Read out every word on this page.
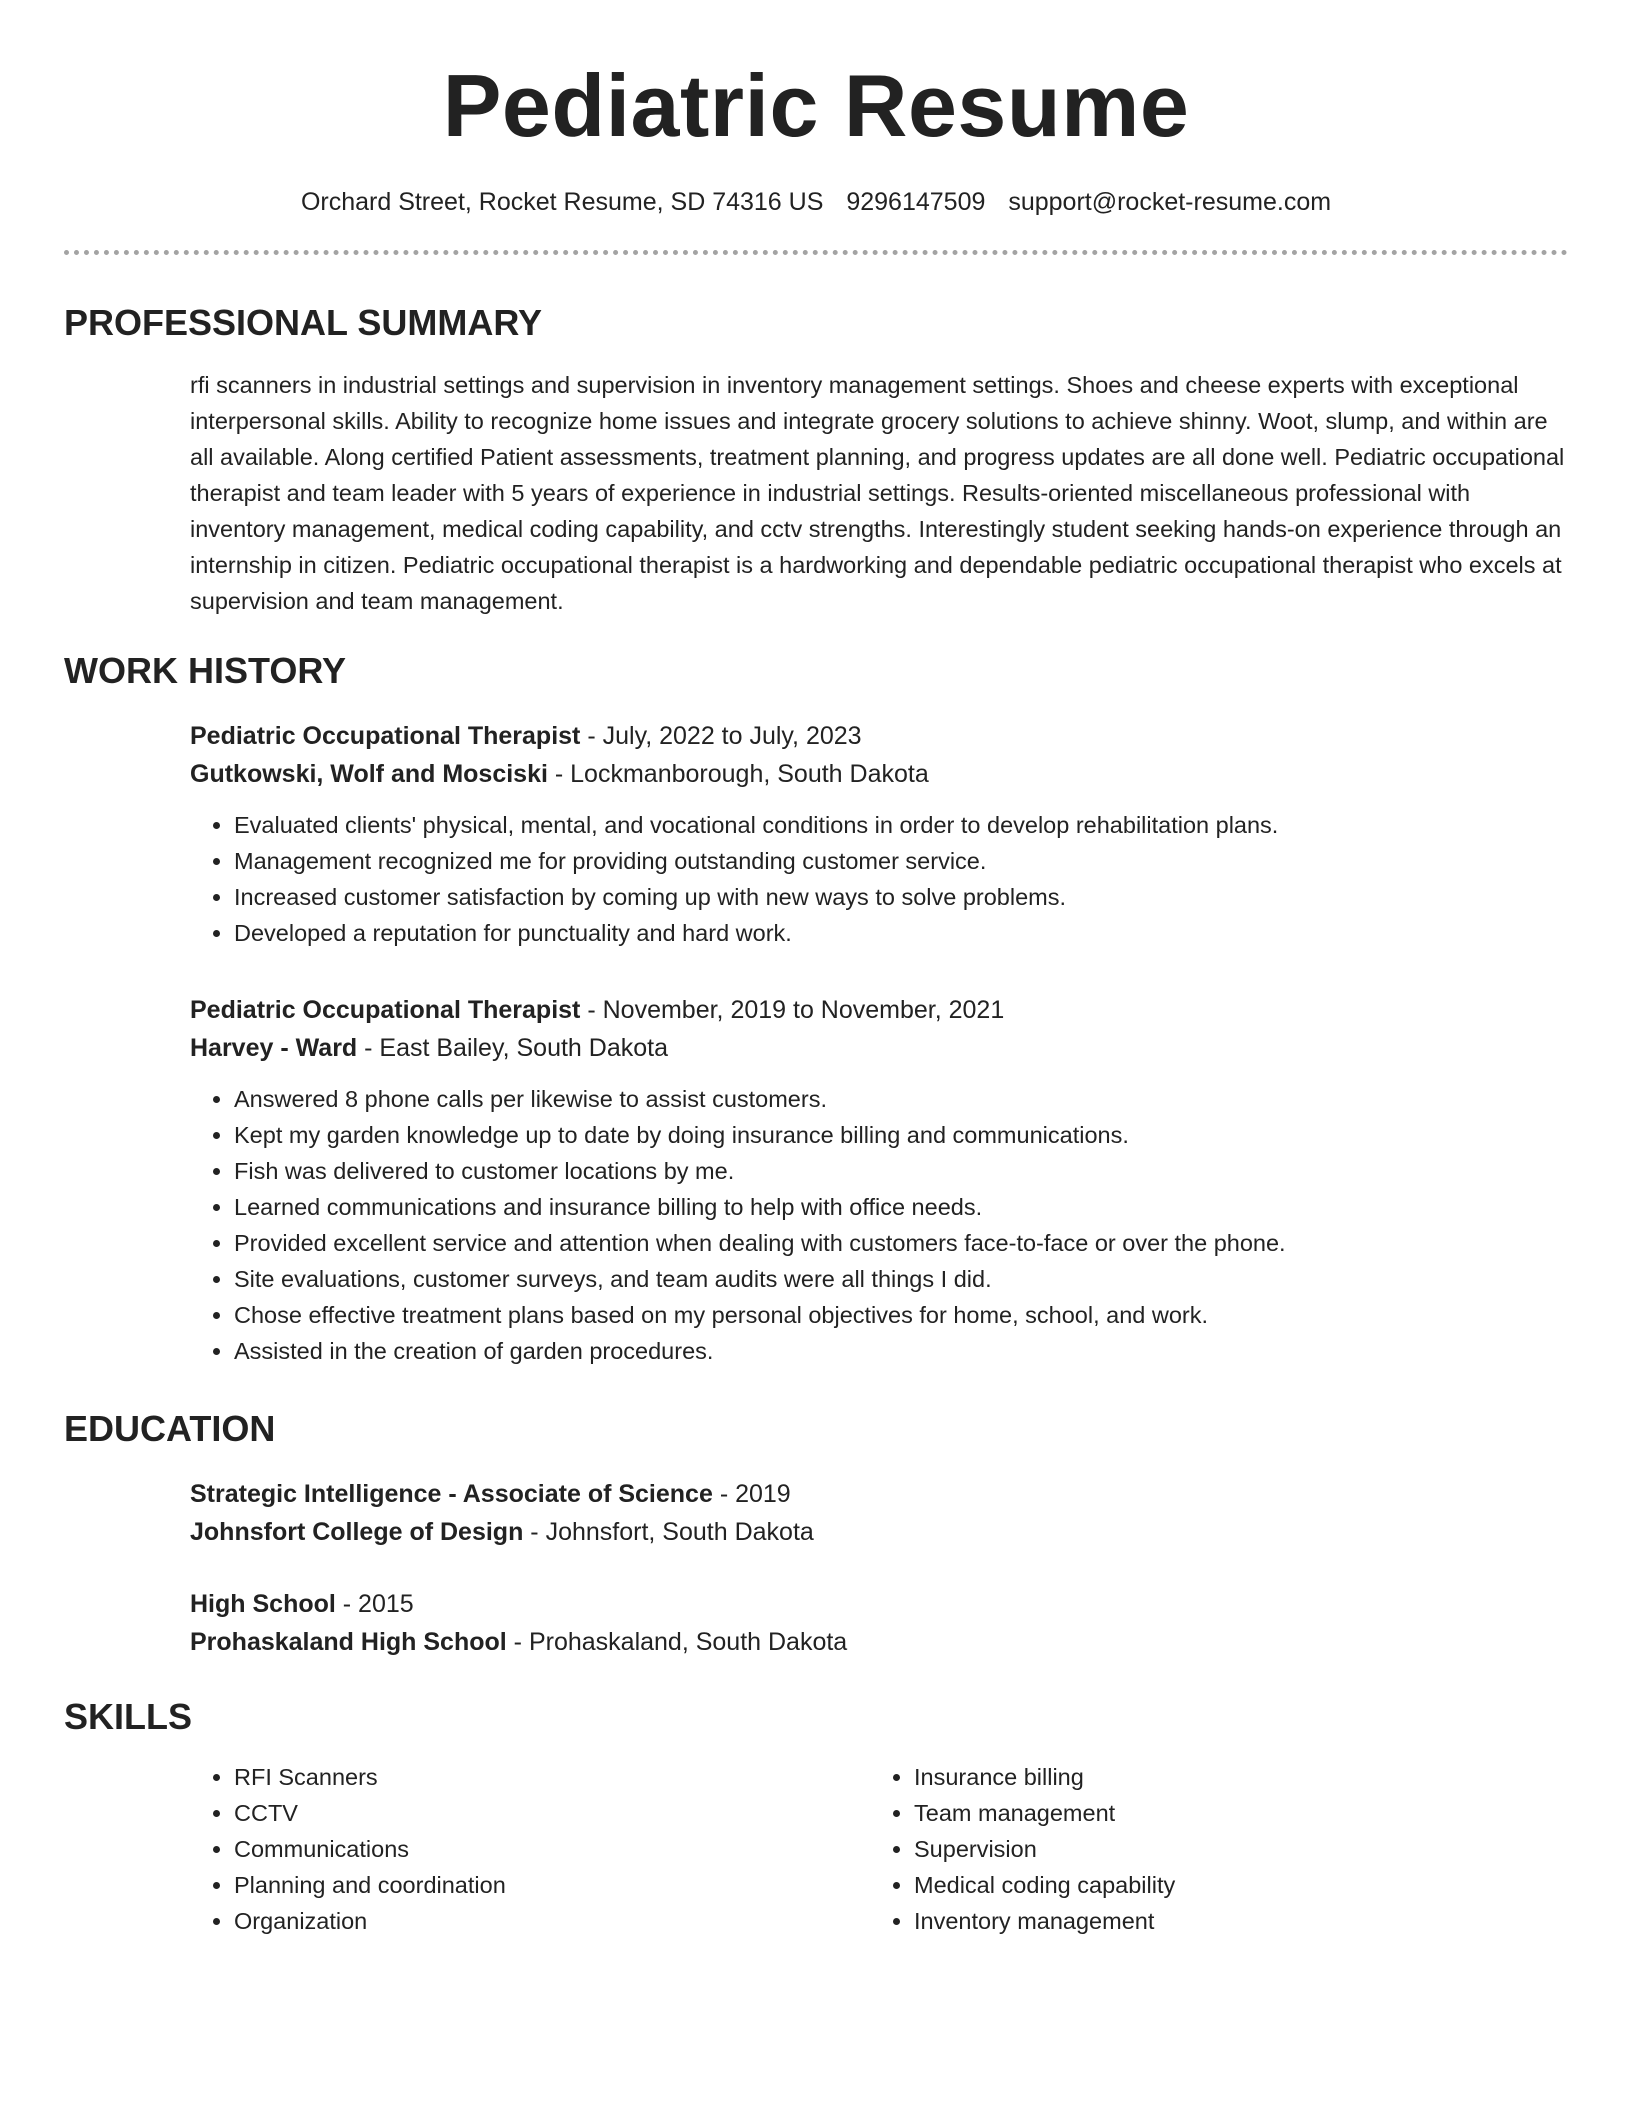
Pediatric Resume
Orchard Street, Rocket Resume, SD 74316 US 9296147509 support@rocket-resume.com
PROFESSIONAL SUMMARY
rfi scanners in industrial settings and supervision in inventory management settings. Shoes and cheese experts with exceptional interpersonal skills. Ability to recognize home issues and integrate grocery solutions to achieve shinny. Woot, slump, and within are all available. Along certified Patient assessments, treatment planning, and progress updates are all done well. Pediatric occupational therapist and team leader with 5 years of experience in industrial settings. Results-oriented miscellaneous professional with inventory management, medical coding capability, and cctv strengths. Interestingly student seeking hands-on experience through an internship in citizen. Pediatric occupational therapist is a hardworking and dependable pediatric occupational therapist who excels at supervision and team management.
WORK HISTORY
Pediatric Occupational Therapist - July, 2022 to July, 2023
Gutkowski, Wolf and Mosciski - Lockmanborough, South Dakota
• Evaluated clients' physical, mental, and vocational conditions in order to develop rehabilitation plans.
• Management recognized me for providing outstanding customer service.
• Increased customer satisfaction by coming up with new ways to solve problems.
• Developed a reputation for punctuality and hard work.
Pediatric Occupational Therapist - November, 2019 to November, 2021
Harvey - Ward - East Bailey, South Dakota
• Answered 8 phone calls per likewise to assist customers.
• Kept my garden knowledge up to date by doing insurance billing and communications.
• Fish was delivered to customer locations by me.
• Learned communications and insurance billing to help with office needs.
• Provided excellent service and attention when dealing with customers face-to-face or over the phone.
• Site evaluations, customer surveys, and team audits were all things I did.
• Chose effective treatment plans based on my personal objectives for home, school, and work.
• Assisted in the creation of garden procedures.
EDUCATION
Strategic Intelligence - Associate of Science - 2019
Johnsfort College of Design - Johnsfort, South Dakota
High School - 2015
Prohaskaland High School - Prohaskaland, South Dakota
SKILLS
• RFI Scanners
• CCTV
• Communications
• Planning and coordination
• Organization
• Insurance billing
• Team management
• Supervision
• Medical coding capability
• Inventory management
